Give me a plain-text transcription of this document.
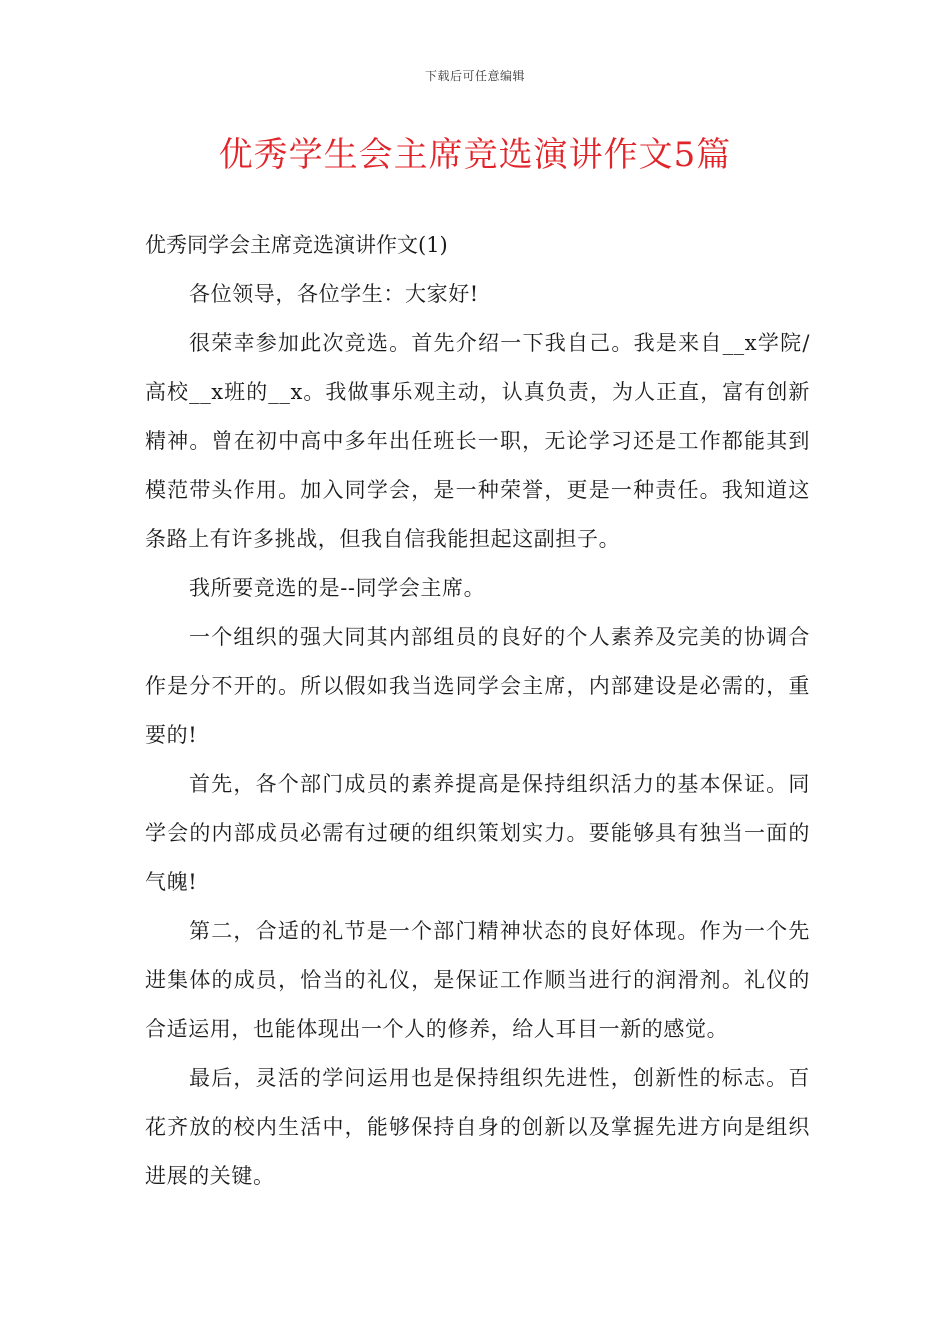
下载后可任意编辑
优秀学生会主席竞选演讲作文5篇

优秀同学会主席竞选演讲作文(1)

各位领导，各位学生：大家好!

很荣幸参加此次竞选。首先介绍一下我自己。我是来自__x学院/高校__x班的__x。我做事乐观主动，认真负责，为人正直，富有创新精神。曾在初中高中多年出任班长一职，无论学习还是工作都能其到模范带头作用。加入同学会，是一种荣誉，更是一种责任。我知道这条路上有许多挑战，但我自信我能担起这副担子。

我所要竞选的是--同学会主席。

一个组织的强大同其内部组员的良好的个人素养及完美的协调合作是分不开的。所以假如我当选同学会主席，内部建设是必需的，重要的!

首先，各个部门成员的素养提高是保持组织活力的基本保证。同学会的内部成员必需有过硬的组织策划实力。要能够具有独当一面的气魄!

第二，合适的礼节是一个部门精神状态的良好体现。作为一个先进集体的成员，恰当的礼仪，是保证工作顺当进行的润滑剂。礼仪的合适运用，也能体现出一个人的修养，给人耳目一新的感觉。

最后，灵活的学问运用也是保持组织先进性，创新性的标志。百花齐放的校内生活中，能够保持自身的创新以及掌握先进方向是组织进展的关键。
